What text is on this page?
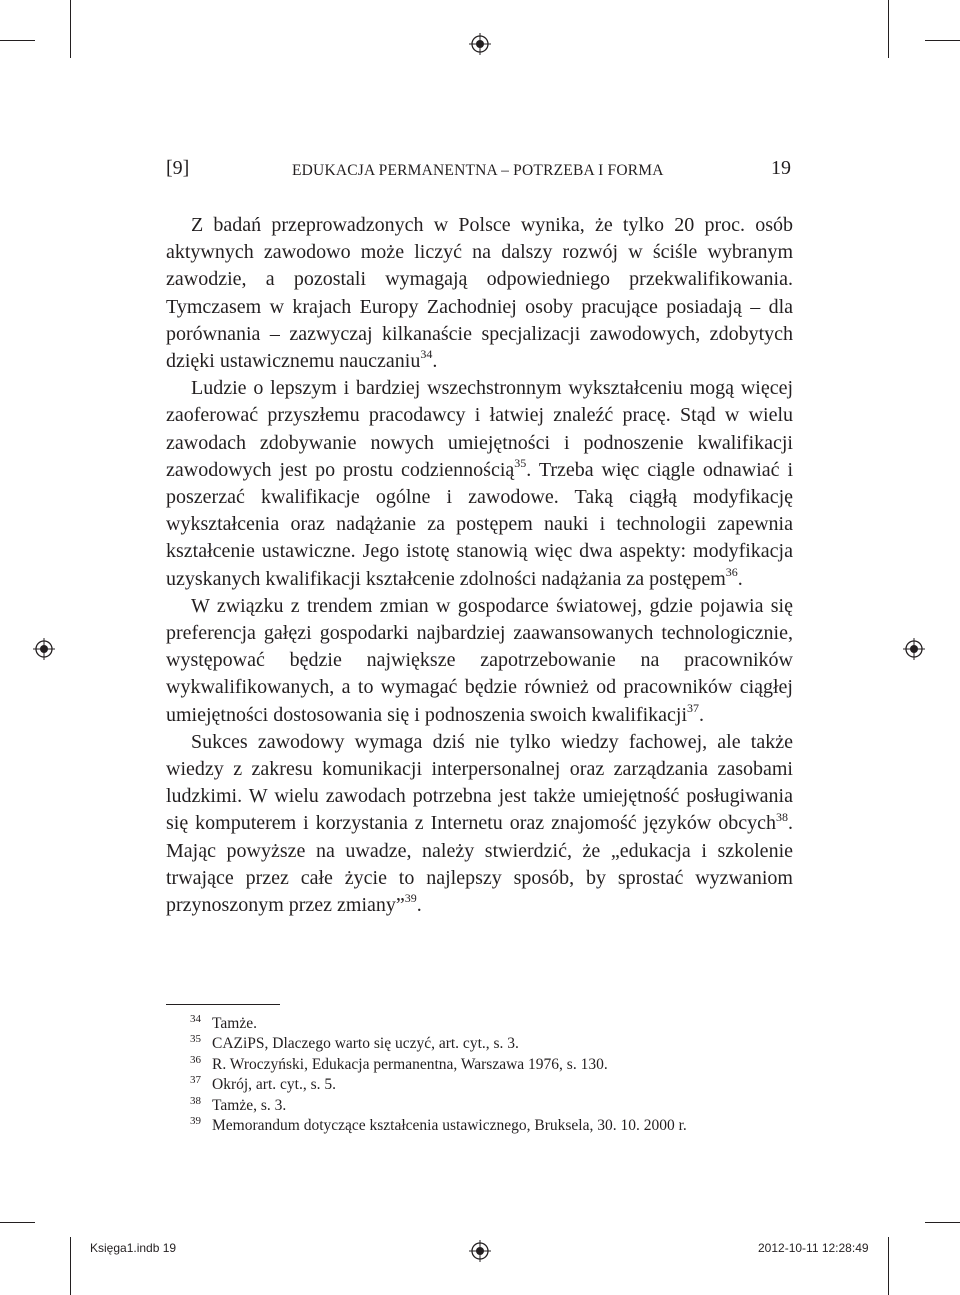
[9]	EDUKACJA PERMANENTNA – POTRZEBA I FORMA	19

Z badań przeprowadzonych w Polsce wynika, że tylko 20 proc. osób aktywnych zawodowo może liczyć na dalszy rozwój w ściśle wybranym zawodzie, a pozostali wymagają odpowiedniego przekwalifikowania. Tymczasem w krajach Europy Zachodniej osoby pracujące posiadają – dla porównania – zazwyczaj kilkanaście specjalizacji zawodowych, zdobytych dzięki ustawicznemu nauczaniu$^{34}$.

Ludzie o lepszym i bardziej wszechstronnym wykształceniu mogą więcej zaoferować przyszłemu pracodawcy i łatwiej znaleźć pracę. Stąd w wielu zawodach zdobywanie nowych umiejętności i podnoszenie kwalifikacji zawodowych jest po prostu codziennością$^{35}$. Trzeba więc ciągle odnawiać i poszerzać kwalifikacje ogólne i zawodowe. Taką ciągłą modyfikację wykształcenia oraz nadążanie za postępem nauki i technologii zapewnia kształcenie ustawiczne. Jego istotę stanowią więc dwa aspekty: modyfikacja uzyskanych kwalifikacji kształcenie zdolności nadążania za postępem$^{36}$.

W związku z trendem zmian w gospodarce światowej, gdzie pojawia się preferencja gałęzi gospodarki najbardziej zaawansowanych technologicznie, występować będzie największe zapotrzebowanie na pracowników wykwalifikowanych, a to wymagać będzie również od pracowników ciągłej umiejętności dostosowania się i podnoszenia swoich kwalifikacji$^{37}$.

Sukces zawodowy wymaga dziś nie tylko wiedzy fachowej, ale także wiedzy z zakresu komunikacji interpersonalnej oraz zarządzania zasobami ludzkimi. W wielu zawodach potrzebna jest także umiejętność posługiwania się komputerem i korzystania z Internetu oraz znajomość języków obcych$^{38}$. Mając powyższe na uwadze, należy stwierdzić, że „edukacja i szkolenie trwające przez całe życie to najlepszy sposób, by sprostać wyzwaniom przynoszonym przez zmiany”$^{39}$.

34 Tamże.
35 CAZiPS, Dlaczego warto się uczyć, art. cyt., s. 3.
36 R. Wroczyński, Edukacja permanentna, Warszawa 1976, s. 130.
37 Okrój, art. cyt., s. 5.
38 Tamże, s. 3.
39 Memorandum dotyczące kształcenia ustawicznego, Bruksela, 30. 10. 2000 r.
Księga1.indb 19	2012-10-11 12:28:49
